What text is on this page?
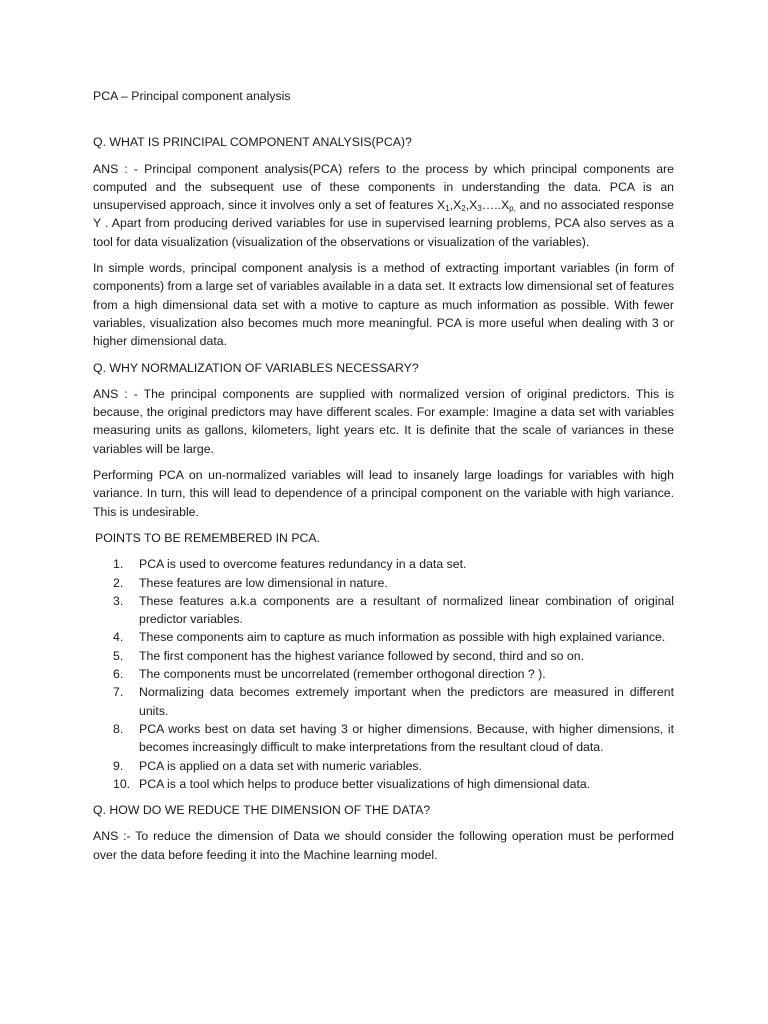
PCA – Principal component analysis
Q. WHAT IS PRINCIPAL COMPONENT ANALYSIS(PCA)?

ANS : - Principal component analysis(PCA) refers to the process by which principal components are computed and the subsequent use of these components in understanding the data. PCA is an unsupervised approach, since it involves only a set of features $X_1,X_2,X_3\dots..X_{p,}$ and no associated response Y . Apart from producing derived variables for use in supervised learning problems, PCA also serves as a tool for data visualization (visualization of the observations or visualization of the variables).

In simple words, principal component analysis is a method of extracting important variables (in form of components) from a large set of variables available in a data set. It extracts low dimensional set of features from a high dimensional data set with a motive to capture as much information as possible. With fewer variables, visualization also becomes much more meaningful. PCA is more useful when dealing with 3 or higher dimensional data.

Q. WHY NORMALIZATION OF VARIABLES NECESSARY?

ANS : - The principal components are supplied with normalized version of original predictors. This is because, the original predictors may have different scales. For example: Imagine a data set with variables measuring units as gallons, kilometers, light years etc. It is definite that the scale of variances in these variables will be large.

Performing PCA on un-normalized variables will lead to insanely large loadings for variables with high variance. In turn, this will lead to dependence of a principal component on the variable with high variance. This is undesirable.

POINTS TO BE REMEMBERED IN PCA.
1.	PCA is used to overcome features redundancy in a data set.
2.	These features are low dimensional in nature.
3.	These features a.k.a components are a resultant of normalized linear combination of original predictor variables.
4.	These components aim to capture as much information as possible with high explained variance.
5.	The first component has the highest variance followed by second, third and so on.
6.	The components must be uncorrelated (remember orthogonal direction ? ).
7.	Normalizing data becomes extremely important when the predictors are measured in different units.
8.	PCA works best on data set having 3 or higher dimensions. Because, with higher dimensions, it becomes increasingly difficult to make interpretations from the resultant cloud of data.
9.	PCA is applied on a data set with numeric variables.
10. PCA is a tool which helps to produce better visualizations of high dimensional data.
Q. HOW DO WE REDUCE THE DIMENSION OF THE DATA?

ANS :- To reduce the dimension of Data we should consider the following operation must be performed over the data before feeding it into the Machine learning model.
